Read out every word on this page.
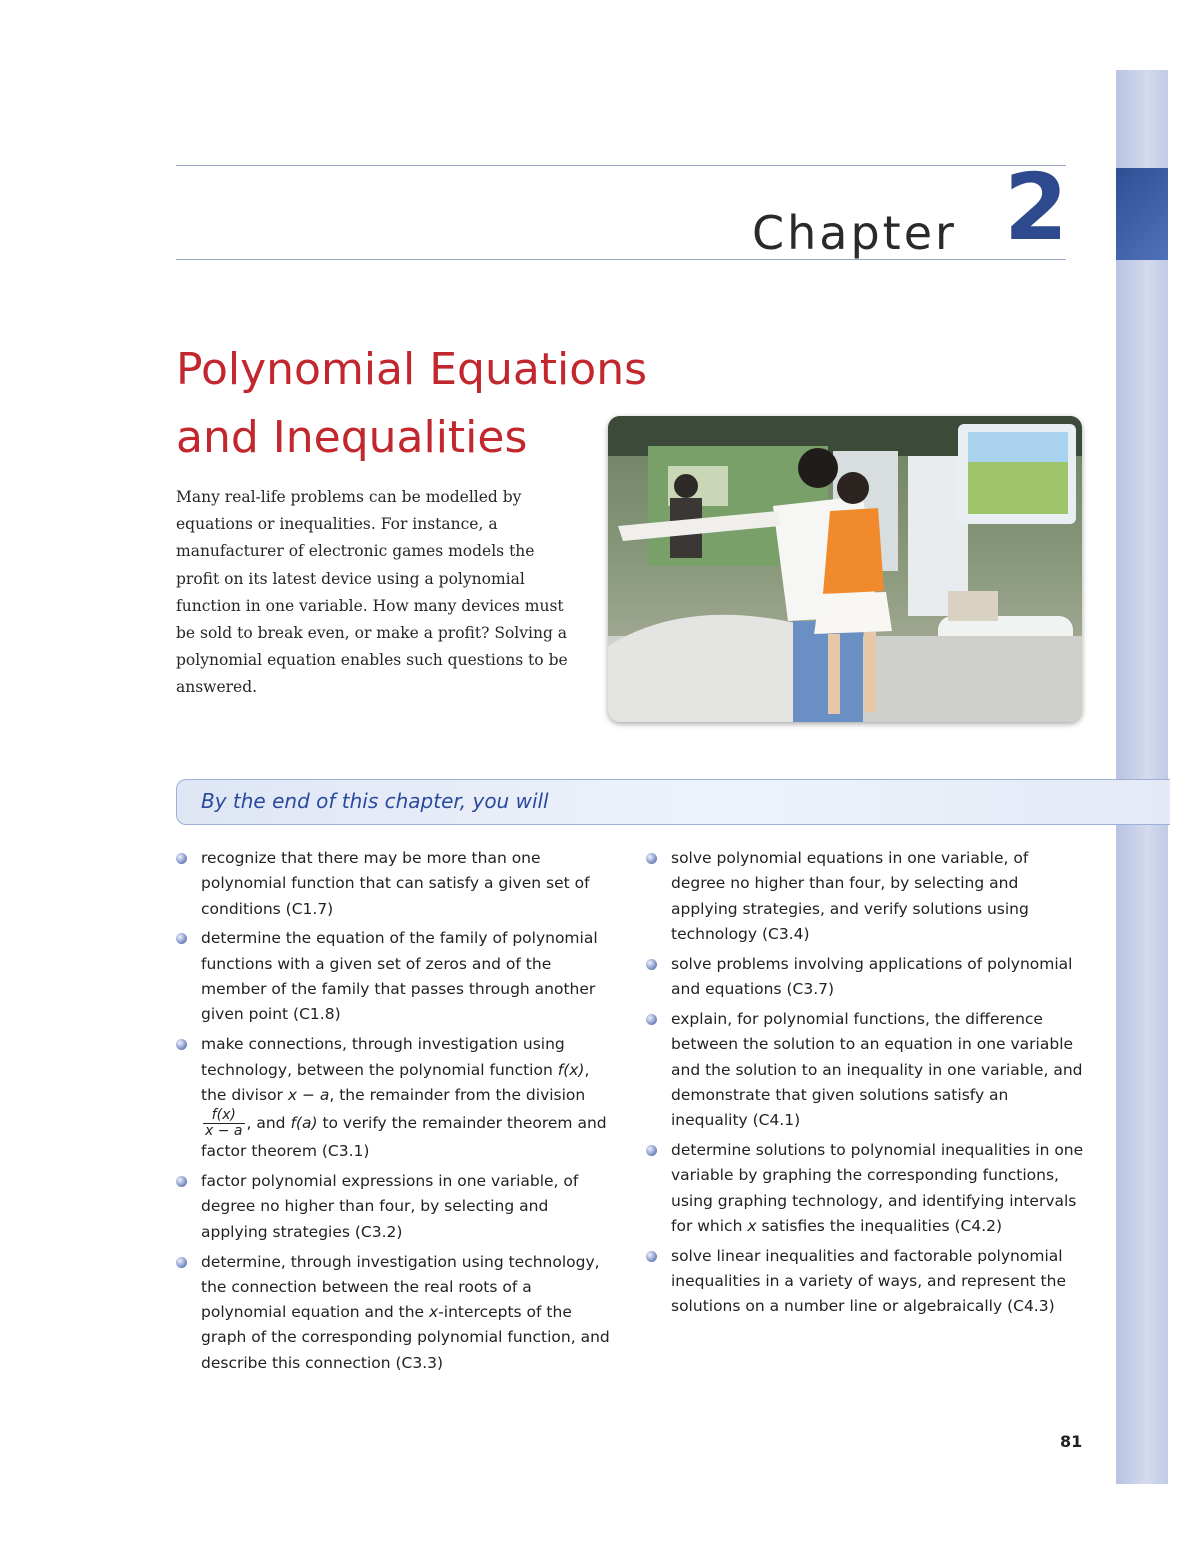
Chapter 2
Polynomial Equations
and Inequalities

Many real-life problems can be modelled by equations or inequalities. For instance, a manufacturer of electronic games models the profit on its latest device using a polynomial function in one variable. How many devices must be sold to break even, or make a profit? Solving a polynomial equation enables such questions to be answered.

By the end of this chapter, you will
recognize that there may be more than one polynomial function that can satisfy a given set of conditions (C1.7)
determine the equation of the family of polynomial functions with a given set of zeros and of the member of the family that passes through another given point (C1.8)
make connections, through investigation using technology, between the polynomial function f(x), the divisor x − a, the remainder from the division
$\frac{f(x)}{x - a}$ , and f(a) to verify the remainder theorem and factor theorem (C3.1)
factor polynomial expressions in one variable, of degree no higher than four, by selecting and applying strategies (C3.2)
determine, through investigation using technology, the connection between the real roots of a polynomial equation and the x-intercepts of the graph of the corresponding polynomial function, and describe this connection (C3.3)
solve polynomial equations in one variable, of degree no higher than four, by selecting and applying strategies, and verify solutions using technology (C3.4)
solve problems involving applications of polynomial and equations (C3.7)
explain, for polynomial functions, the difference between the solution to an equation in one variable and the solution to an inequality in one variable, and demonstrate that given solutions satisfy an inequality (C4.1)
determine solutions to polynomial inequalities in one variable by graphing the corresponding functions, using graphing technology, and identifying intervals for which x satisfies the inequalities (C4.2)
solve linear inequalities and factorable polynomial inequalities in a variety of ways, and represent the solutions on a number line or algebraically (C4.3)
81
